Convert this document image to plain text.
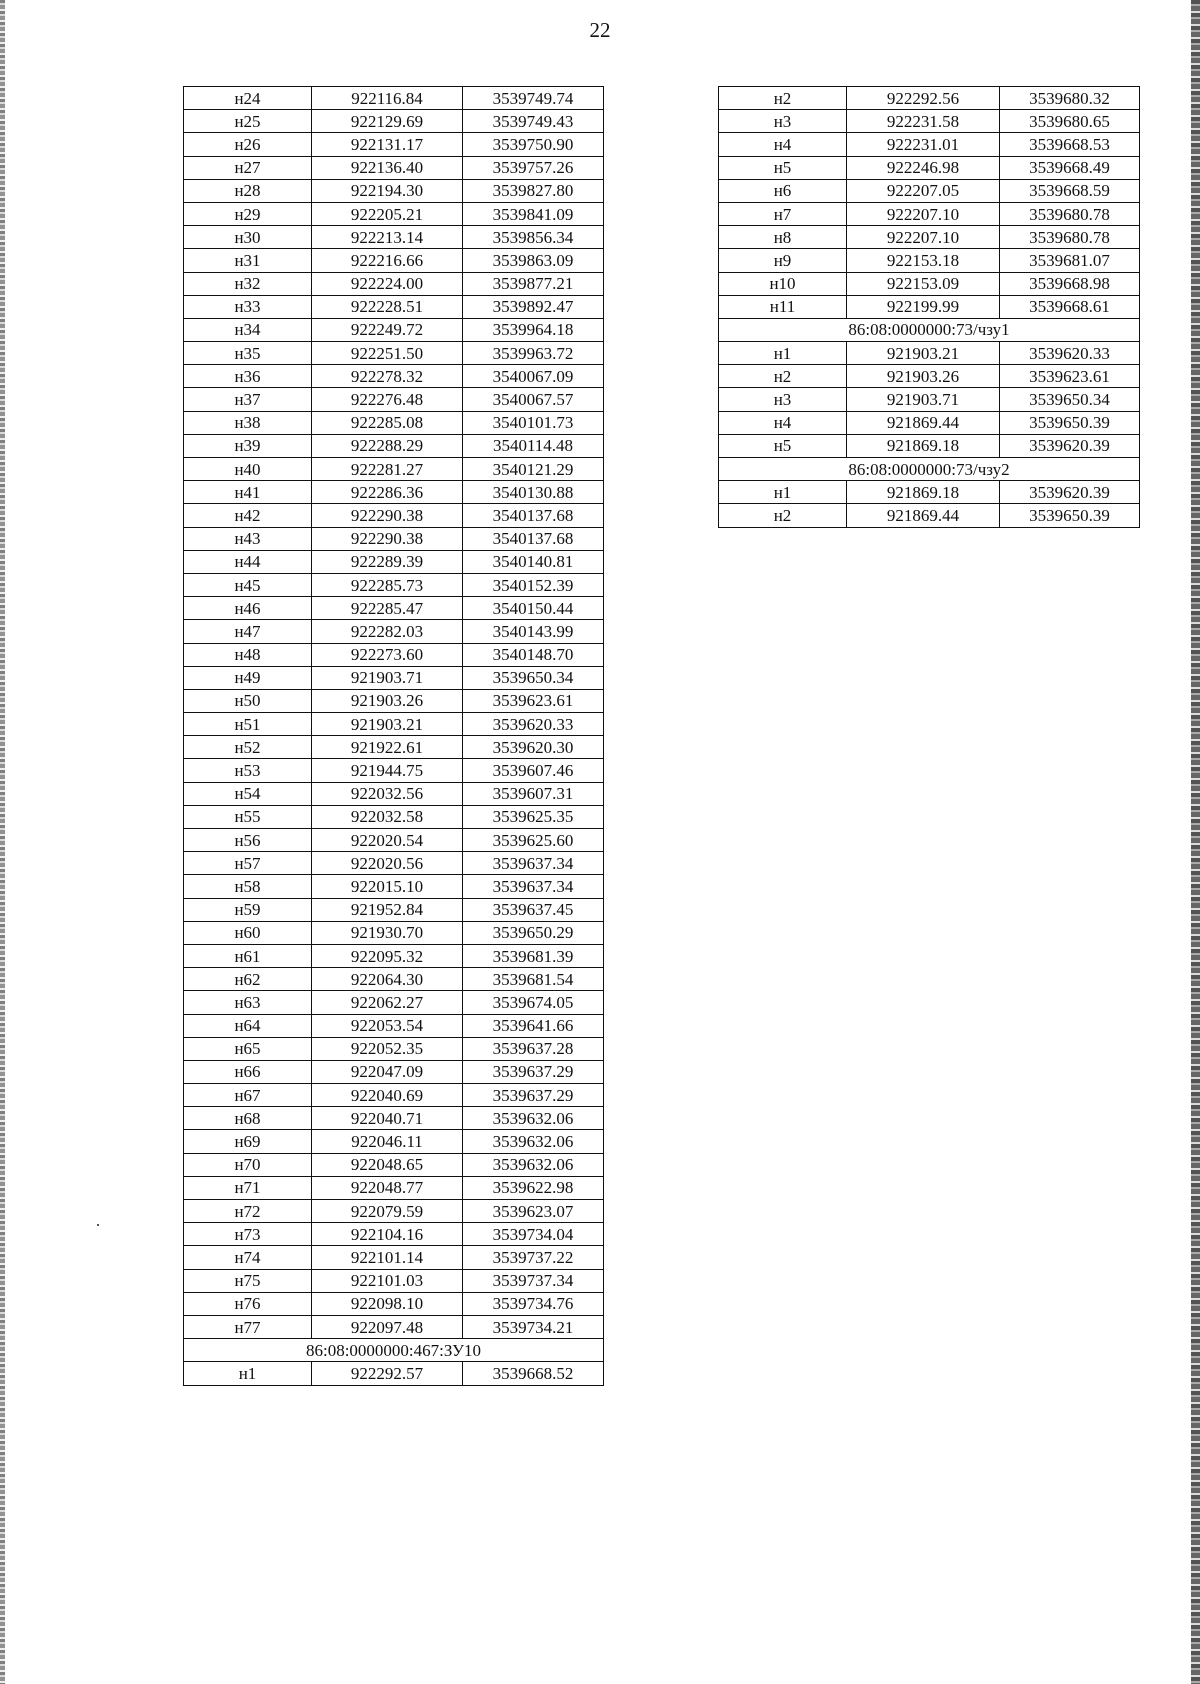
22
н24	922116.84	3539749.74
н25	922129.69	3539749.43
н26	922131.17	3539750.90
н27	922136.40	3539757.26
н28	922194.30	3539827.80
н29	922205.21	3539841.09
н30	922213.14	3539856.34
н31	922216.66	3539863.09
н32	922224.00	3539877.21
н33	922228.51	3539892.47
н34	922249.72	3539964.18
н35	922251.50	3539963.72
н36	922278.32	3540067.09
н37	922276.48	3540067.57
н38	922285.08	3540101.73
н39	922288.29	3540114.48
н40	922281.27	3540121.29
н41	922286.36	3540130.88
н42	922290.38	3540137.68
н43	922290.38	3540137.68
н44	922289.39	3540140.81
н45	922285.73	3540152.39
н46	922285.47	3540150.44
н47	922282.03	3540143.99
н48	922273.60	3540148.70
н49	921903.71	3539650.34
н50	921903.26	3539623.61
н51	921903.21	3539620.33
н52	921922.61	3539620.30
н53	921944.75	3539607.46
н54	922032.56	3539607.31
н55	922032.58	3539625.35
н56	922020.54	3539625.60
н57	922020.56	3539637.34
н58	922015.10	3539637.34
н59	921952.84	3539637.45
н60	921930.70	3539650.29
н61	922095.32	3539681.39
н62	922064.30	3539681.54
н63	922062.27	3539674.05
н64	922053.54	3539641.66
н65	922052.35	3539637.28
н66	922047.09	3539637.29
н67	922040.69	3539637.29
н68	922040.71	3539632.06
н69	922046.11	3539632.06
н70	922048.65	3539632.06
н71	922048.77	3539622.98
н72	922079.59	3539623.07
н73	922104.16	3539734.04
н74	922101.14	3539737.22
н75	922101.03	3539737.34
н76	922098.10	3539734.76
н77	922097.48	3539734.21
86:08:0000000:467:ЗУ10		
н1	922292.57	3539668.52
н2	922292.56	3539680.32
н3	922231.58	3539680.65
н4	922231.01	3539668.53
н5	922246.98	3539668.49
н6	922207.05	3539668.59
н7	922207.10	3539680.78
н8	922207.10	3539680.78
н9	922153.18	3539681.07
н10	922153.09	3539668.98
н11	922199.99	3539668.61
86:08:0000000:73/чзу1		
н1	921903.21	3539620.33
н2	921903.26	3539623.61
н3	921903.71	3539650.34
н4	921869.44	3539650.39
н5	921869.18	3539620.39
86:08:0000000:73/чзу2		
н1	921869.18	3539620.39
н2	921869.44	3539650.39
